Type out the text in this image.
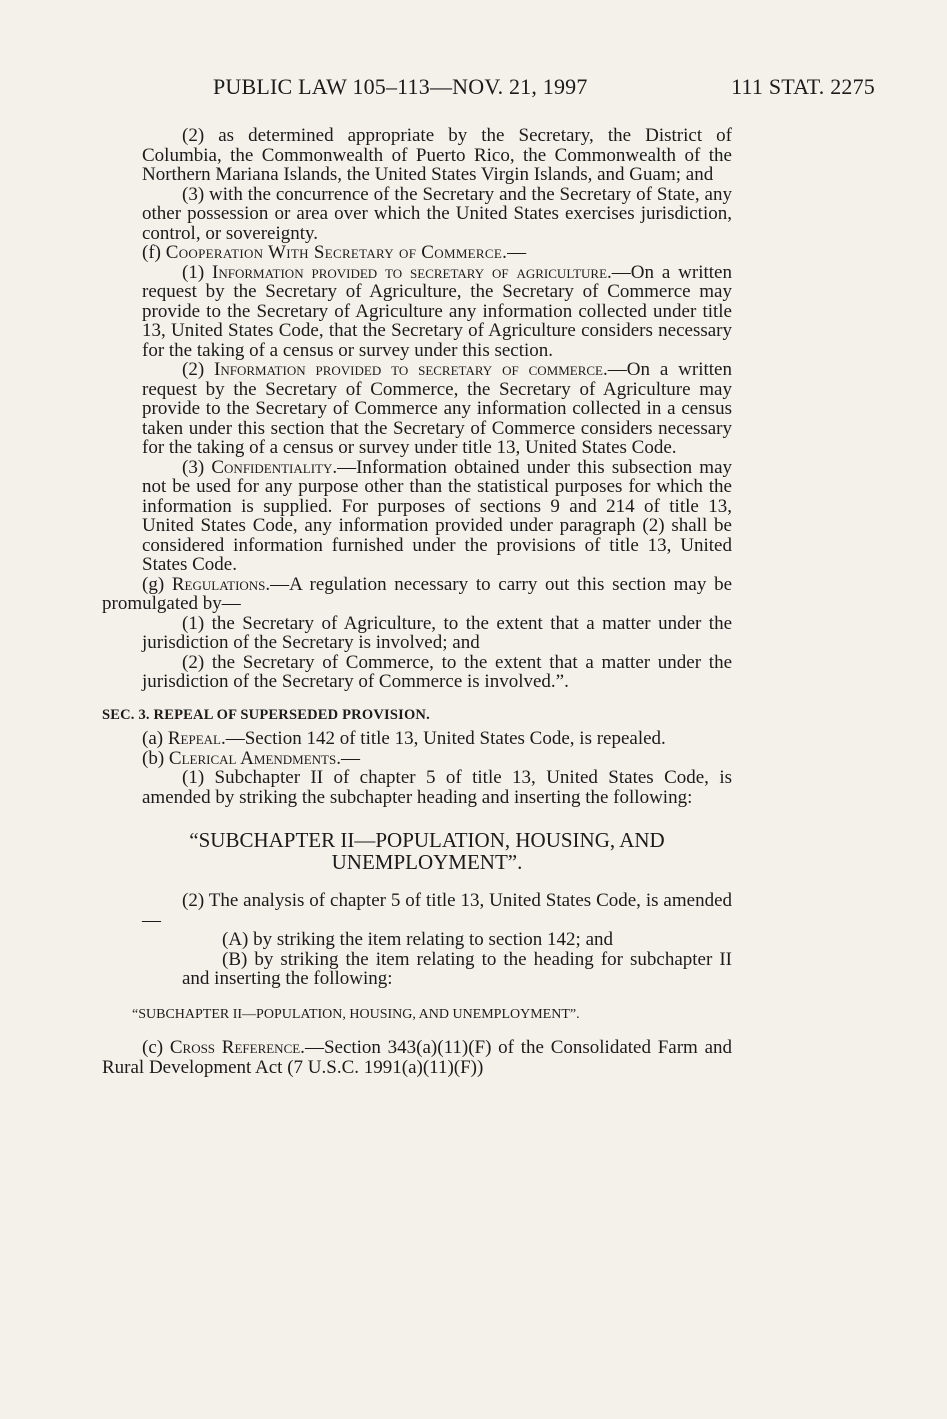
PUBLIC LAW 105–113—NOV. 21, 1997	111 STAT. 2275

(2) as determined appropriate by the Secretary, the District of Columbia, the Commonwealth of Puerto Rico, the Commonwealth of the Northern Mariana Islands, the United States Virgin Islands, and Guam; and

(3) with the concurrence of the Secretary and the Secretary of State, any other possession or area over which the United States exercises jurisdiction, control, or sovereignty.

(f) Cooperation With Secretary of Commerce.—

(1) Information provided to secretary of agriculture.—On a written request by the Secretary of Agriculture, the Secretary of Commerce may provide to the Secretary of Agriculture any information collected under title 13, United States Code, that the Secretary of Agriculture considers necessary for the taking of a census or survey under this section.

(2) Information provided to secretary of commerce.—On a written request by the Secretary of Commerce, the Secretary of Agriculture may provide to the Secretary of Commerce any information collected in a census taken under this section that the Secretary of Commerce considers necessary for the taking of a census or survey under title 13, United States Code.

(3) Confidentiality.—Information obtained under this subsection may not be used for any purpose other than the statistical purposes for which the information is supplied. For purposes of sections 9 and 214 of title 13, United States Code, any information provided under paragraph (2) shall be considered information furnished under the provisions of title 13, United States Code.

(g) Regulations.—A regulation necessary to carry out this section may be promulgated by—

(1) the Secretary of Agriculture, to the extent that a matter under the jurisdiction of the Secretary is involved; and

(2) the Secretary of Commerce, to the extent that a matter under the jurisdiction of the Secretary of Commerce is involved.”.

SEC. 3. REPEAL OF SUPERSEDED PROVISION.

(a) Repeal.—Section 142 of title 13, United States Code, is repealed.

(b) Clerical Amendments.—

(1) Subchapter II of chapter 5 of title 13, United States Code, is amended by striking the subchapter heading and inserting the following:

“SUBCHAPTER II—POPULATION, HOUSING, AND UNEMPLOYMENT”.

(2) The analysis of chapter 5 of title 13, United States Code, is amended—

(A) by striking the item relating to section 142; and

(B) by striking the item relating to the heading for subchapter II and inserting the following:

“SUBCHAPTER II—POPULATION, HOUSING, AND UNEMPLOYMENT”.

(c) Cross Reference.—Section 343(a)(11)(F) of the Consolidated Farm and Rural Development Act (7 U.S.C. 1991(a)(11)(F))
